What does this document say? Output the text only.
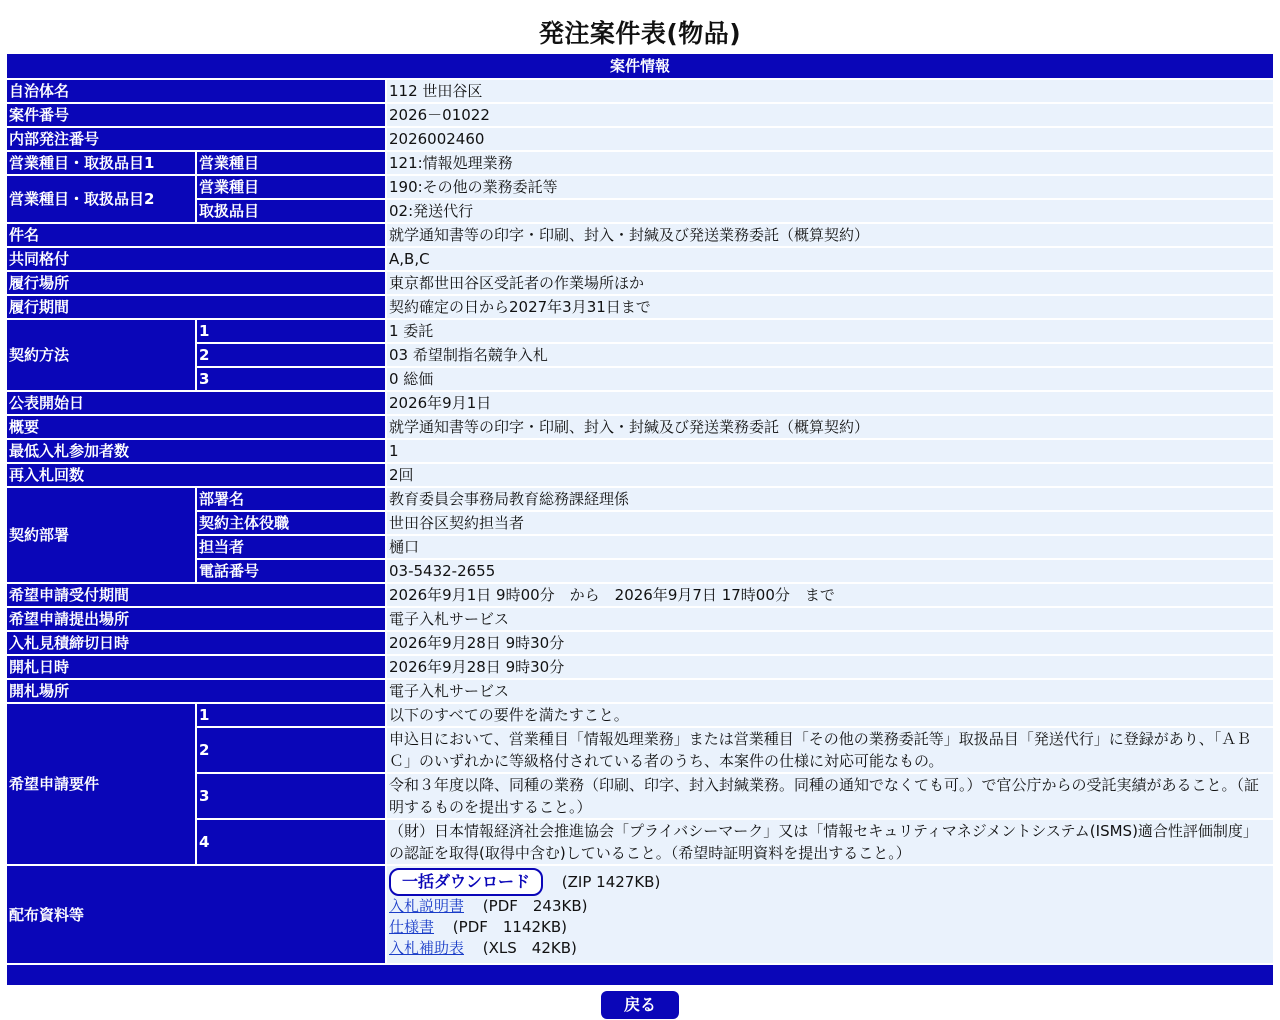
発注案件表(物品)
案件情報		
自治体名		112 世田谷区
案件番号		2026－01022
内部発注番号		2026002460
営業種目・取扱品目1	営業種目	121:情報処理業務
営業種目・取扱品目2	営業種目	190:その他の業務委託等
	取扱品目	02:発送代行
件名		就学通知書等の印字・印刷、封入・封緘及び発送業務委託（概算契約）
共同格付		A,B,C
履行場所		東京都世田谷区受託者の作業場所ほか
履行期間		契約確定の日から2027年3月31日まで
契約方法	1	1 委託
	2	03 希望制指名競争入札
	3	0 総価
公表開始日		2026年9月1日
概要		就学通知書等の印字・印刷、封入・封緘及び発送業務委託（概算契約）
最低入札参加者数		1
再入札回数		2回
契約部署	部署名	教育委員会事務局教育総務課経理係
	契約主体役職	世田谷区契約担当者
	担当者	樋口
	電話番号	03-5432-2655
希望申請受付期間		2026年9月1日 9時00分　から　2026年9月7日 17時00分　まで
希望申請提出場所		電子入札サービス
入札見積締切日時		2026年9月28日 9時30分
開札日時		2026年9月28日 9時30分
開札場所		電子入札サービス
希望申請要件	1	以下のすべての要件を満たすこと。
	2	申込日において、営業種目「情報処理業務」または営業種目「その他の業務委託等」取扱品目「発送代行」に登録があり、「ＡＢＣ」のいずれかに等級格付されている者のうち、本案件の仕様に対応可能なもの。
	3	令和３年度以降、同種の業務（印刷、印字、封入封緘業務。同種の通知でなくても可。）で官公庁からの受託実績があること。（証明するものを提出すること。）
	4	（財）日本情報経済社会推進協会「プライバシーマーク」又は「情報セキュリティマネジメントシステム(ISMS)適合性評価制度」の認証を取得(取得中含む)していること。（希望時証明資料を提出すること。）
配布資料等		一括ダウンロード (ZIP 1427KB)
入札説明書 (PDF　243KB)
仕様書 (PDF　1142KB)
入札補助表 (XLS　42KB)

戻る
